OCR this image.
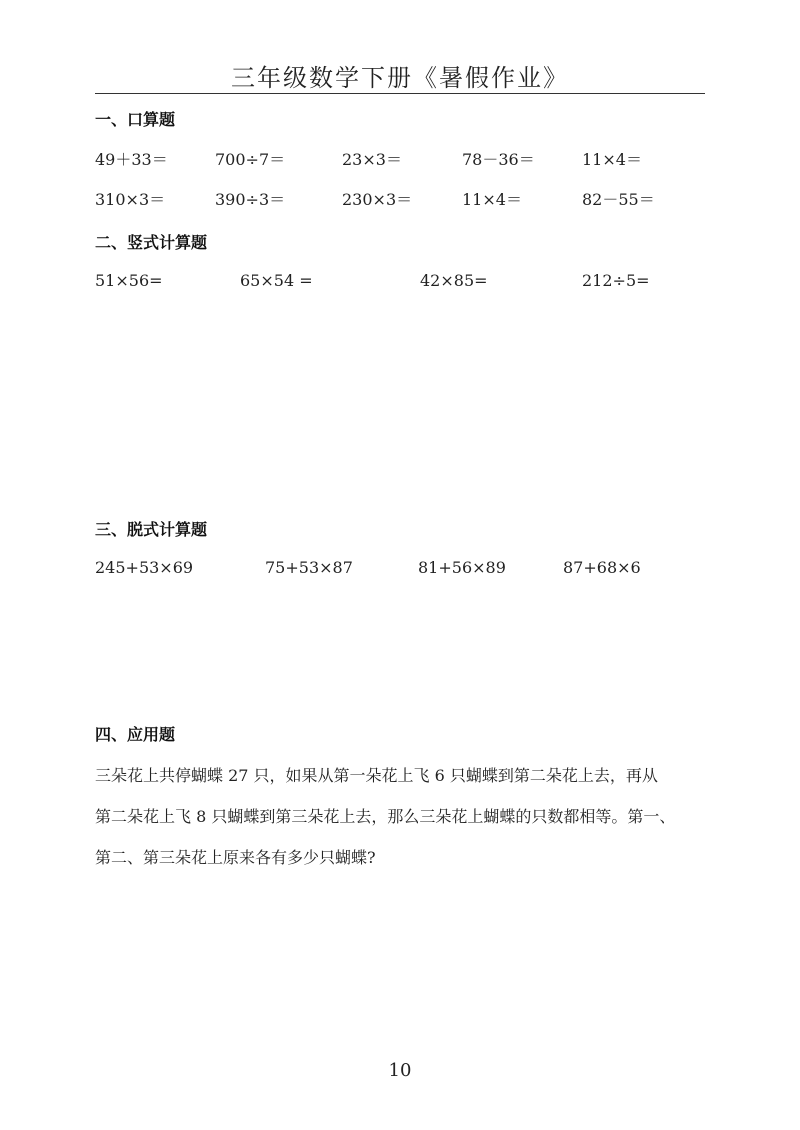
三年级数学下册《暑假作业》
一、口算题
49＋33＝	700÷7＝	23×3＝	78－36＝	11×4＝
310×3＝	390÷3＝	230×3＝	11×4＝	82－55＝
二、竖式计算题
51×56=	65×54 =	42×85=	212÷5=
三、脱式计算题
245+53×69	75+53×87	81+56×89	87+68×6
四、应用题
三朵花上共停蝴蝶 27 只，如果从第一朵花上飞 6 只蝴蝶到第二朵花上去，再从
第二朵花上飞 8 只蝴蝶到第三朵花上去，那么三朵花上蝴蝶的只数都相等。第一、
第二、第三朵花上原来各有多少只蝴蝶?
10
